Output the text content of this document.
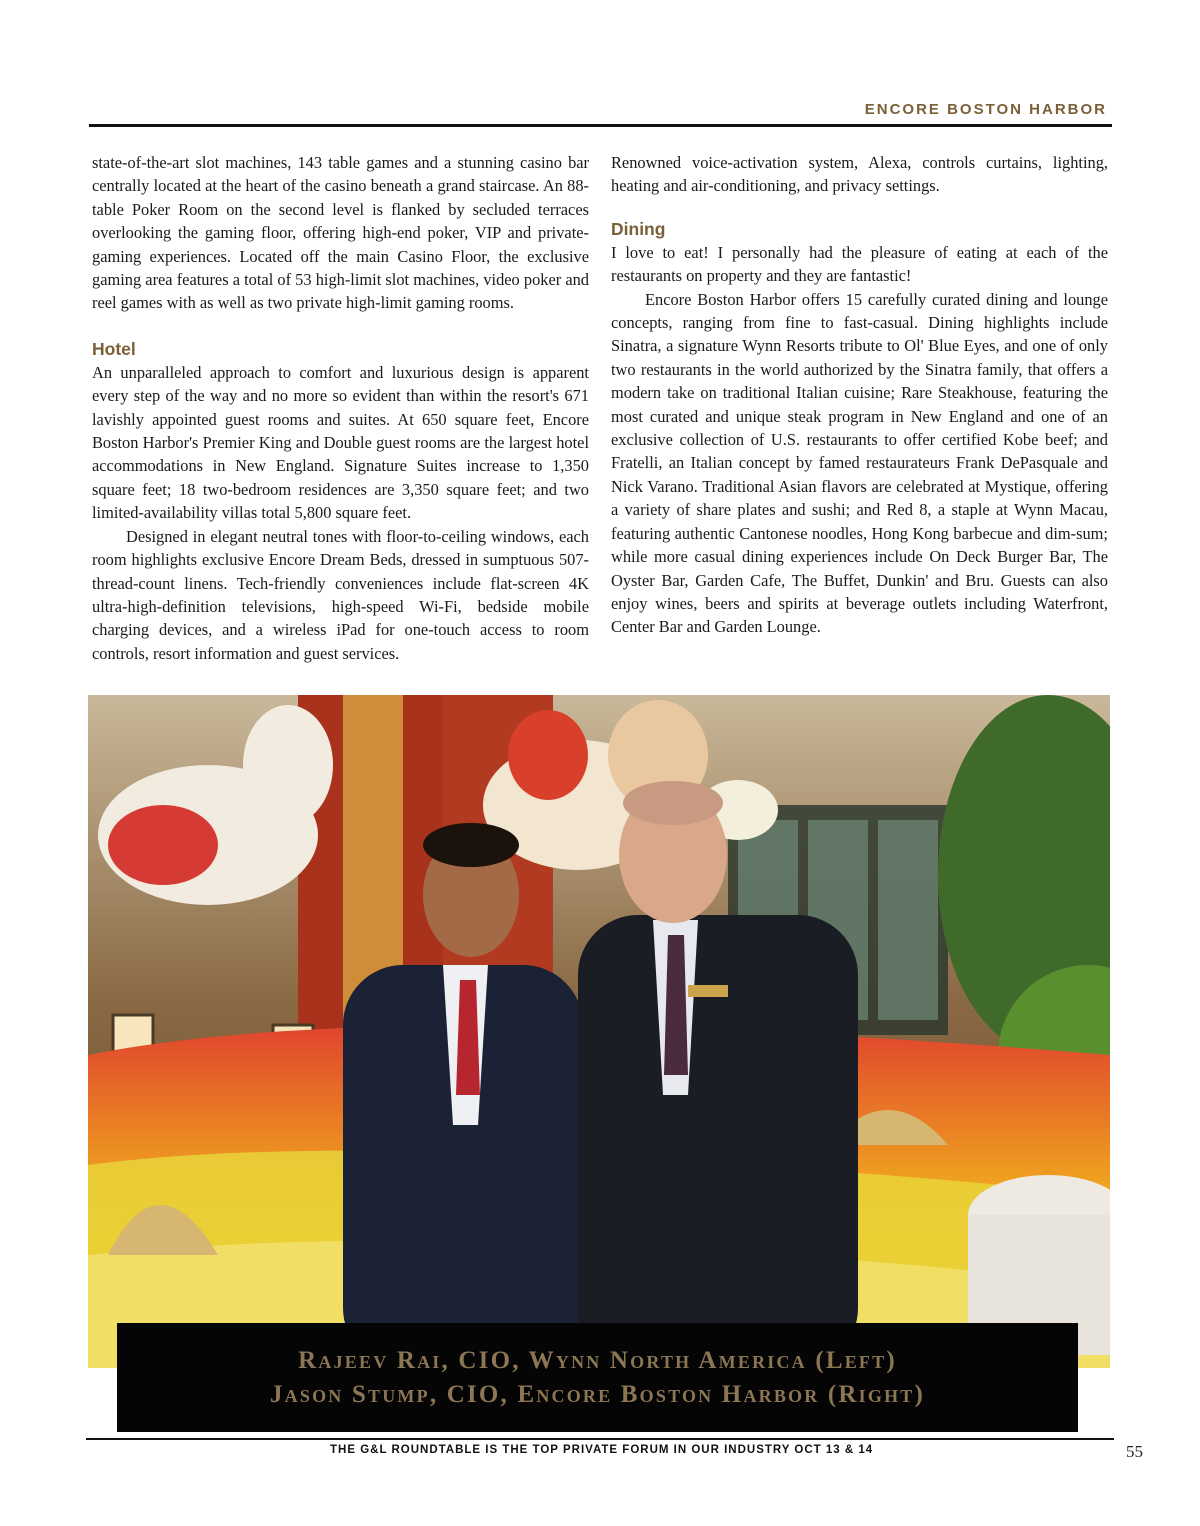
ENCORE BOSTON HARBOR

state-of-the-art slot machines, 143 table games and a stunning casino bar centrally located at the heart of the casino beneath a grand staircase. An 88-table Poker Room on the second level is flanked by secluded terraces overlooking the gaming floor, offering high-end poker, VIP and private- gaming experiences. Located off the main Casino Floor, the exclusive gaming area features a total of 53 high-limit slot machines, video poker and reel games with as well as two private high-limit gaming rooms.

Hotel

An unparalleled approach to comfort and luxurious design is apparent every step of the way and no more so evident than within the resort's 671 lavishly appointed guest rooms and suites. At 650 square feet, Encore Boston Harbor's Premier King and Double guest rooms are the largest hotel accommodations in New England. Signature Suites increase to 1,350 square feet; 18 two-bedroom residences are 3,350 square feet; and two limited-availability villas total 5,800 square feet.

Designed in elegant neutral tones with floor-to-ceiling windows, each room highlights exclusive Encore Dream Beds, dressed in sumptuous 507-thread-count linens. Tech-friendly conveniences include flat-screen 4K ultra-high-definition televisions, high-speed Wi-Fi, bedside mobile charging devices, and a wireless iPad for one-touch access to room controls, resort information and guest services.

Renowned voice-activation system, Alexa, controls curtains, lighting, heating and air-conditioning, and privacy settings.

Dining

I love to eat! I personally had the pleasure of eating at each of the restaurants on property and they are fantastic!

Encore Boston Harbor offers 15 carefully curated dining and lounge concepts, ranging from fine to fast-casual. Dining highlights include Sinatra, a signature Wynn Resorts tribute to Ol' Blue Eyes, and one of only two restaurants in the world authorized by the Sinatra family, that offers a modern take on traditional Italian cuisine; Rare Steakhouse, featuring the most curated and unique steak program in New England and one of an exclusive collection of U.S. restaurants to offer certified Kobe beef; and Fratelli, an Italian concept by famed restaurateurs Frank DePasquale and Nick Varano. Traditional Asian flavors are celebrated at Mystique, offering a variety of share plates and sushi; and Red 8, a staple at Wynn Macau, featuring authentic Cantonese noodles, Hong Kong barbecue and dim-sum; while more casual dining experiences include On Deck Burger Bar, The Oyster Bar, Garden Cafe, The Buffet, Dunkin' and Bru. Guests can also enjoy wines, beers and spirits at beverage outlets including Waterfront, Center Bar and Garden Lounge.

Rajeev Rai, CIO, Wynn North America (Left)
Jason Stump, CIO, Encore Boston Harbor (Right)
THE G&L ROUNDTABLE IS THE TOP PRIVATE FORUM IN OUR INDUSTRY OCT 13 & 14	55
